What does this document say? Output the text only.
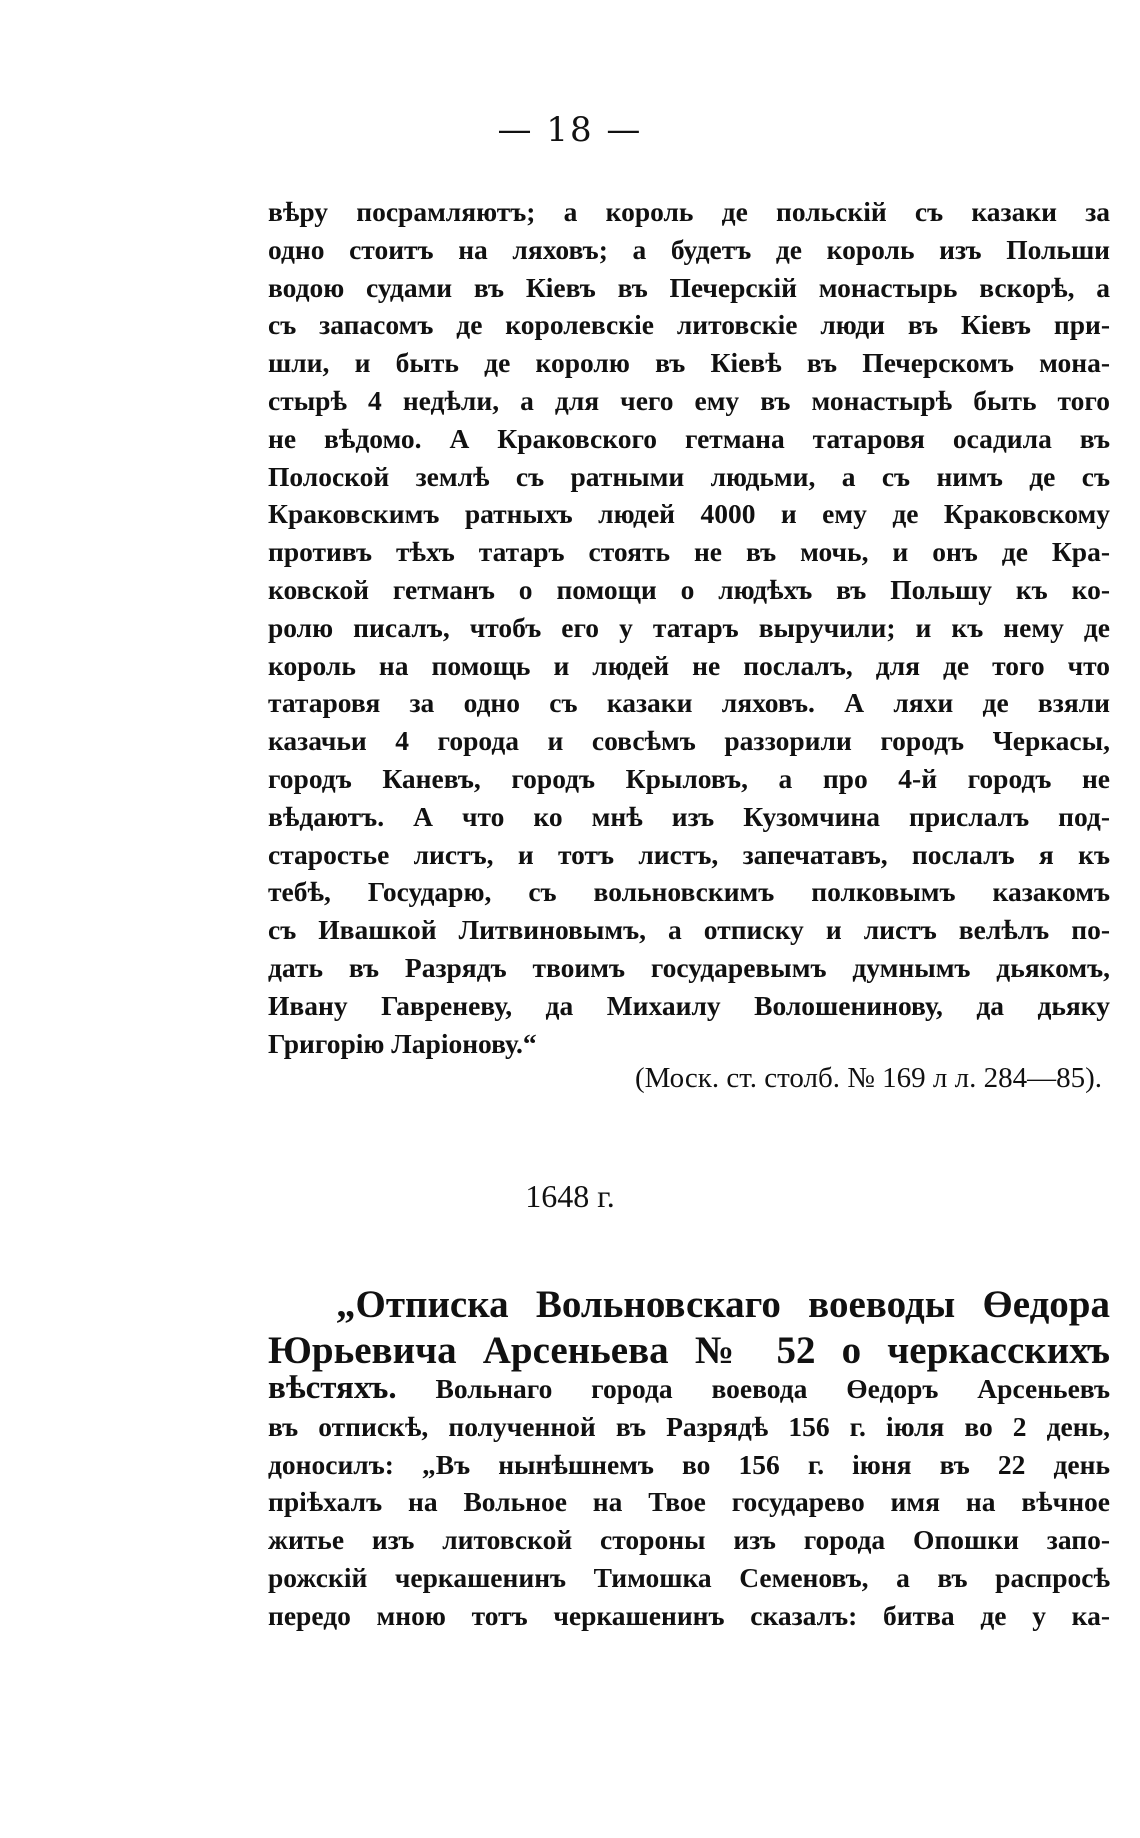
— 18 —
вѣру посрамляютъ; а король де польскій съ казаки за
одно стоитъ на ляховъ; а будетъ де король изъ Польши
водою судами въ Кіевъ въ Печерскій монастырь вскорѣ, а
съ запасомъ де королевскіе литовскіе люди въ Кіевъ при-
шли, и быть де королю въ Кіевѣ въ Печерскомъ мона-
стырѣ 4 недѣли, а для чего ему въ монастырѣ быть того
не вѣдомо. А Краковского гетмана татаровя осадила въ
Полоской землѣ съ ратными людьми, а съ нимъ де съ
Краковскимъ ратныхъ людей 4000 и ему де Краковскому
противъ тѣхъ татаръ стоять не въ мочь, и онъ де Кра-
ковской гетманъ о помощи о людѣхъ въ Польшу къ ко-
ролю писалъ, чтобъ его у татаръ выручили; и къ нему де
король на помощь и людей не послалъ, для де того что
татаровя за одно съ казаки ляховъ. А ляхи де взяли
казачьи 4 города и совсѣмъ раззорили городъ Черкасы,
городъ Каневъ, городъ Крыловъ, а про 4-й городъ не
вѣдаютъ. А что ко мнѣ изъ Кузомчина прислалъ под-
старостье листъ, и тотъ листъ, запечатавъ, послалъ я къ
тебѣ, Государю, съ вольновскимъ полковымъ казакомъ
съ Ивашкой Литвиновымъ, а отписку и листъ велѣлъ по-
дать въ Разрядъ твоимъ государевымъ думнымъ дьякомъ,
Ивану Гавреневу, да Михаилу Волошенинову, да дьяку
Григорію Ларіонову.“
(Моск. ст. столб. № 169 л л. 284—85).
1648 г.
„Отписка Вольновскаго воеводы Өедора
Юрьевича Арсеньева № 52 о черкасскихъ
вѣстяхъ. Вольнаго города воевода Өедоръ Арсеньевъ
въ отпискѣ, полученной въ Разрядѣ 156 г. іюля во 2 день,
доносилъ: „Въ нынѣшнемъ во 156 г. іюня въ 22 день
пріѣхалъ на Вольное на Твое государево имя на вѣчное
житье изъ литовской стороны изъ города Опошки запо-
рожскій черкашенинъ Тимошка Семеновъ, а въ распросѣ
передо мною тотъ черкашенинъ сказалъ: битва де у ка-
